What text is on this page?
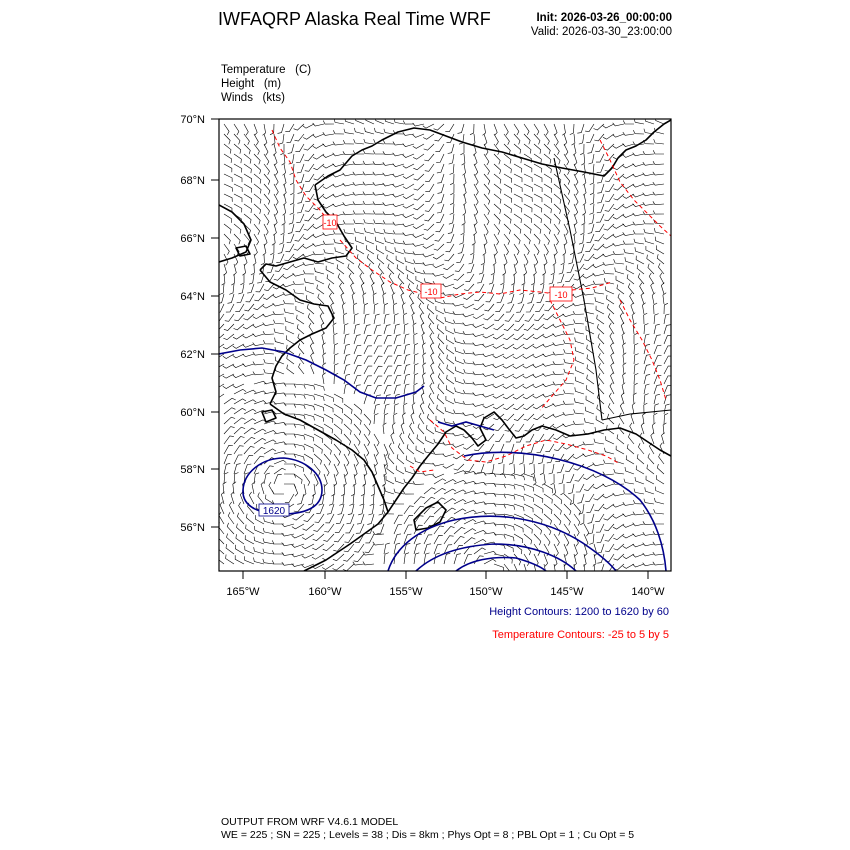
IWFAQRP Alaska Real Time WRF	Init: 2026-03-26_00:00:00
Valid: 2026-03-30_23:00:00
Temperature (C)
Height (m)
Winds (kts)
1620
-10
-10	-10
70°N
68°N
66°N
64°N
62°N
60°N
58°N
56°N
165°W	160°W	155°W	150°W	145°W	140°W
Height Contours: 1200 to 1620 by 60
Temperature Contours: -25 to 5 by 5
OUTPUT FROM WRF V4.6.1 MODEL
WE = 225 ; SN = 225 ; Levels = 38 ; Dis = 8km ; Phys Opt = 8 ; PBL Opt = 1 ; Cu Opt = 5
